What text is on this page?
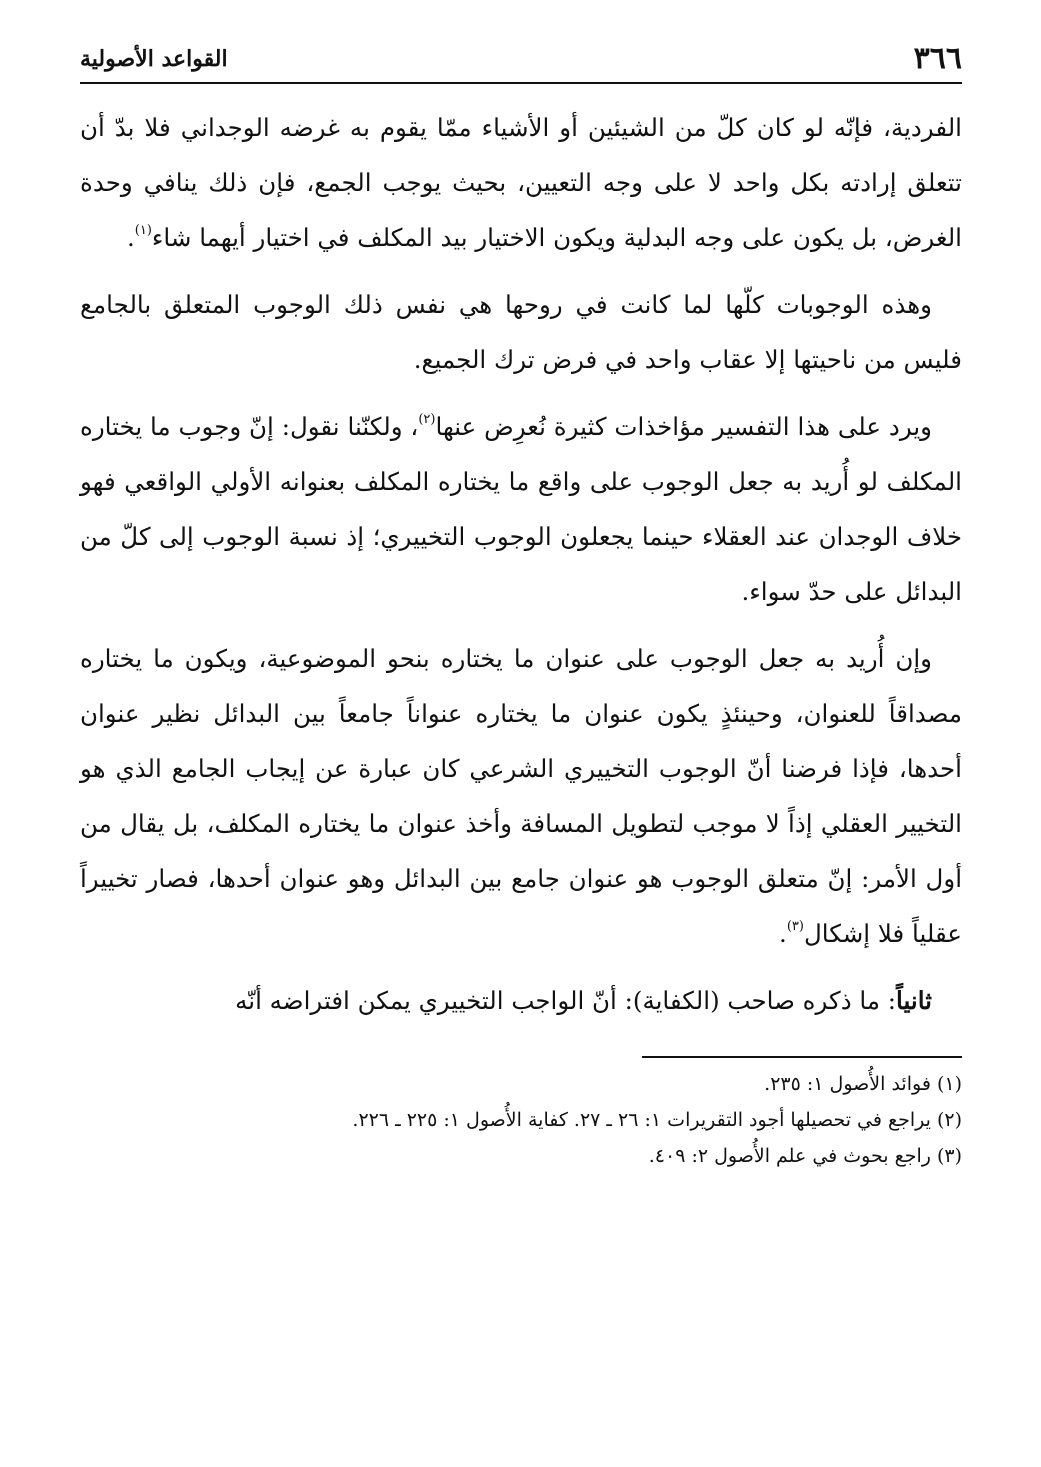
٣٦٦
القواعد الأصولية

الفردية، فإنّه لو كان كلّ من الشيئين أو الأشياء ممّا يقوم به غرضه الوجداني فلا بدّ أن تتعلق إرادته بكل واحد لا على وجه التعيين، بحيث يوجب الجمع، فإن ذلك ينافي وحدة الغرض، بل يكون على وجه البدلية ويكون الاختيار بيد المكلف في اختيار أيهما شاء$^{(١)}$.

وهذه الوجوبات كلّها لما كانت في روحها هي نفس ذلك الوجوب المتعلق بالجامع فليس من ناحيتها إلا عقاب واحد في فرض ترك الجميع.

ويرد على هذا التفسير مؤاخذات كثيرة نُعرِض عنها$^{(٢)}$، ولكنّنا نقول: إنّ وجوب ما يختاره المكلف لو أُريد به جعل الوجوب على واقع ما يختاره المكلف بعنوانه الأولي الواقعي فهو خلاف الوجدان عند العقلاء حينما يجعلون الوجوب التخييري؛ إذ نسبة الوجوب إلى كلّ من البدائل على حدّ سواء.

وإن أُريد به جعل الوجوب على عنوان ما يختاره بنحو الموضوعية، ويكون ما يختاره مصداقاً للعنوان، وحينئذٍ يكون عنوان ما يختاره عنواناً جامعاً بين البدائل نظير عنوان أحدها، فإذا فرضنا أنّ الوجوب التخييري الشرعي كان عبارة عن إيجاب الجامع الذي هو التخيير العقلي إذاً لا موجب لتطويل المسافة وأخذ عنوان ما يختاره المكلف، بل يقال من أول الأمر: إنّ متعلق الوجوب هو عنوان جامع بين البدائل وهو عنوان أحدها، فصار تخييراً عقلياً فلا إشكال$^{(٣)}$.

ثانياً: ما ذكره صاحب (الكفاية): أنّ الواجب التخييري يمكن افتراضه أنّه

(١) فوائد الأُصول ١: ٢٣٥.

(٢) يراجع في تحصيلها أجود التقريرات ١: ٢٦ ـ ٢٧. كفاية الأُصول ١: ٢٢٥ ـ ٢٢٦.

(٣) راجع بحوث في علم الأُصول ٢: ٤٠٩.
